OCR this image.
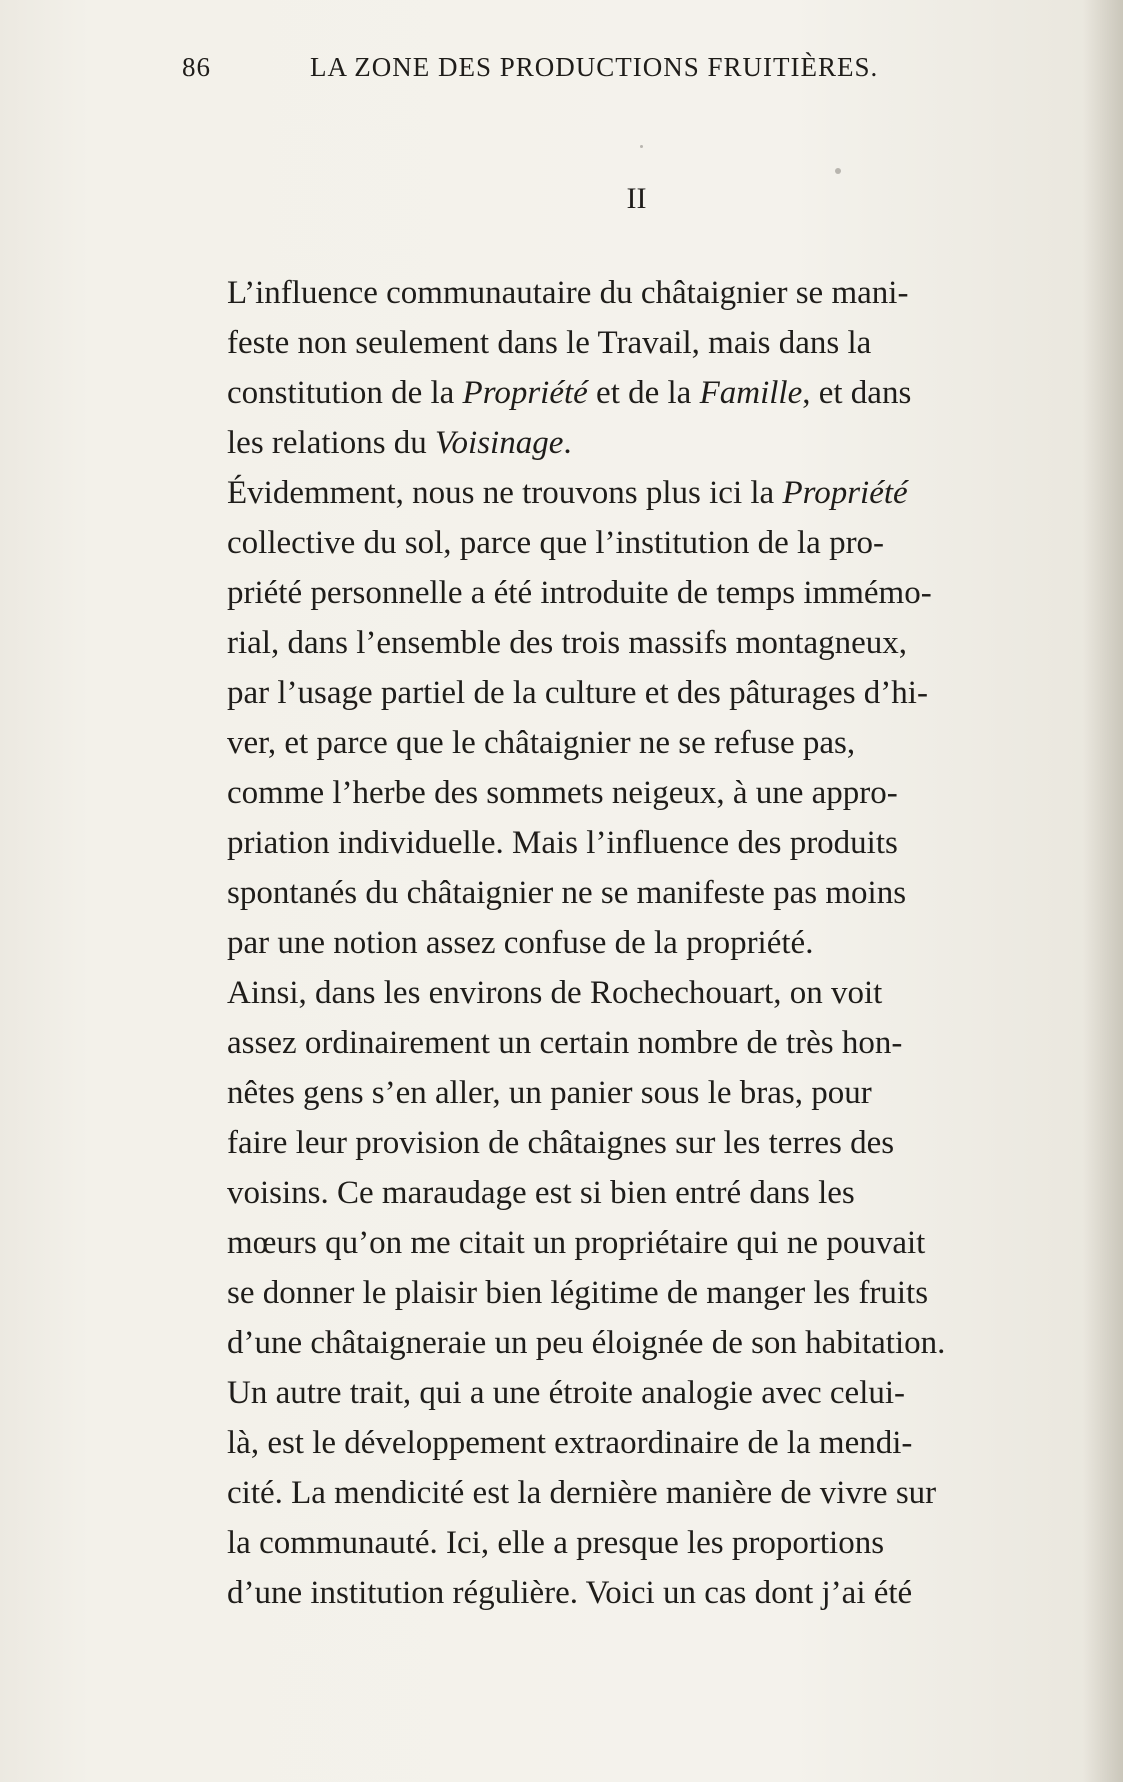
86	LA ZONE DES PRODUCTIONS FRUITIÈRES.
II

L’influence communautaire du châtaignier se mani-
feste non seulement dans le Travail, mais dans la
constitution de la Propriété et de la Famille, et dans
les relations du Voisinage.

Évidemment, nous ne trouvons plus ici la Propriété
collective du sol, parce que l’institution de la pro-
priété personnelle a été introduite de temps immémo-
rial, dans l’ensemble des trois massifs montagneux,
par l’usage partiel de la culture et des pâturages d’hi-
ver, et parce que le châtaignier ne se refuse pas,
comme l’herbe des sommets neigeux, à une appro-
priation individuelle. Mais l’influence des produits
spontanés du châtaignier ne se manifeste pas moins
par une notion assez confuse de la propriété.

Ainsi, dans les environs de Rochechouart, on voit
assez ordinairement un certain nombre de très hon-
nêtes gens s’en aller, un panier sous le bras, pour
faire leur provision de châtaignes sur les terres des
voisins. Ce maraudage est si bien entré dans les
mœurs qu’on me citait un propriétaire qui ne pouvait
se donner le plaisir bien légitime de manger les fruits
d’une châtaigneraie un peu éloignée de son habitation.
Un autre trait, qui a une étroite analogie avec celui-
là, est le développement extraordinaire de la mendi-
cité. La mendicité est la dernière manière de vivre sur
la communauté. Ici, elle a presque les proportions
d’une institution régulière. Voici un cas dont j’ai été
